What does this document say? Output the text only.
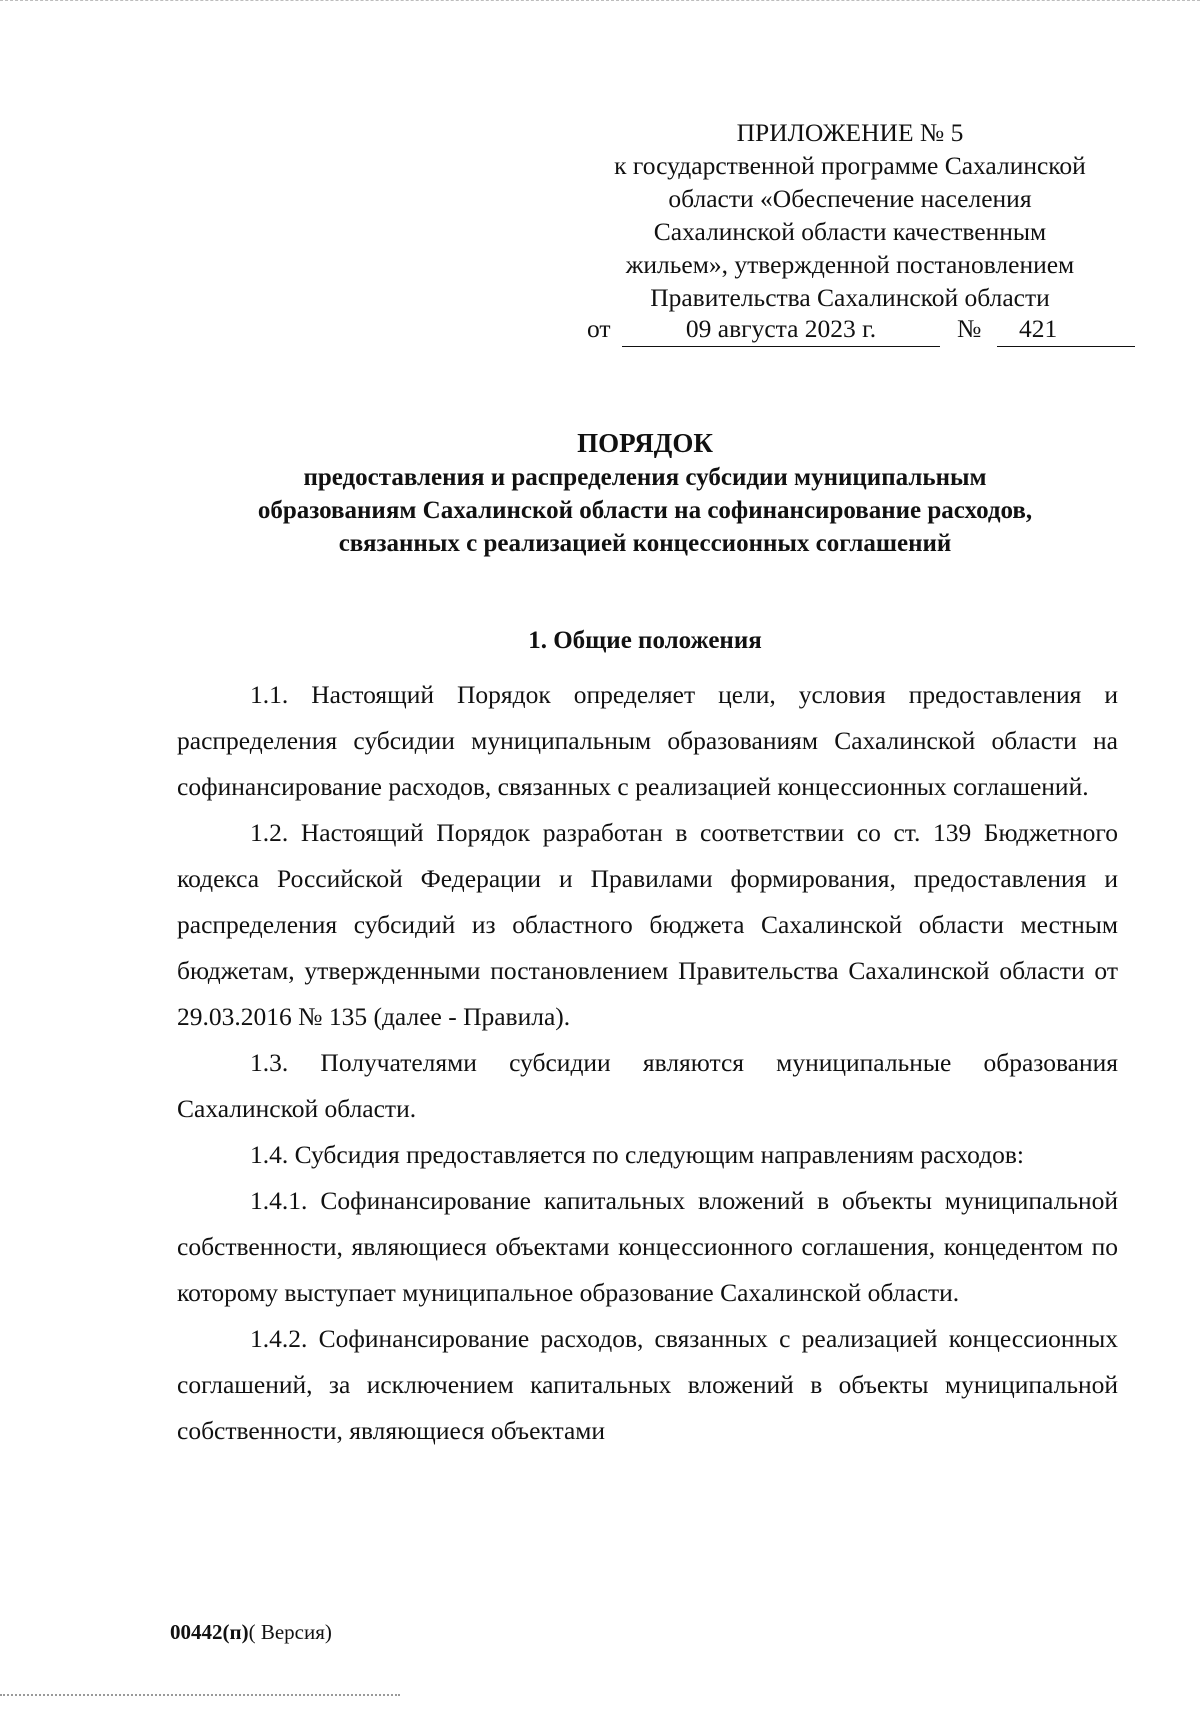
ПРИЛОЖЕНИЕ № 5
к государственной программе Сахалинской
области «Обеспечение населения
Сахалинской области качественным
жильем», утвержденной постановлением
Правительства Сахалинской области
от	09 августа 2023 г.	№	421
ПОРЯДОК
предоставления и распределения субсидии муниципальным
образованиям Сахалинской области на софинансирование расходов,
связанных с реализацией концессионных соглашений
1. Общие положения

1.1. Настоящий Порядок определяет цели, условия предоставления и распределения субсидии муниципальным образованиям Сахалинской области на софинансирование расходов, связанных с реализацией концессионных соглашений.

1.2. Настоящий Порядок разработан в соответствии со ст. 139 Бюджетного кодекса Российской Федерации и Правилами формирования, предоставления и распределения субсидий из областного бюджета Сахалинской области местным бюджетам, утвержденными постановлением Правительства Сахалинской области от 29.03.2016 № 135 (далее - Правила).

1.3. Получателями субсидии являются муниципальные образования Сахалинской области.

1.4. Субсидия предоставляется по следующим направлениям расходов:

1.4.1. Софинансирование капитальных вложений в объекты муниципальной собственности, являющиеся объектами концессионного соглашения, концедентом по которому выступает муниципальное образование Сахалинской области.

1.4.2. Софинансирование расходов, связанных с реализацией концессионных соглашений, за исключением капитальных вложений в объекты муниципальной собственности, являющиеся объектами

00442(п)( Версия)
